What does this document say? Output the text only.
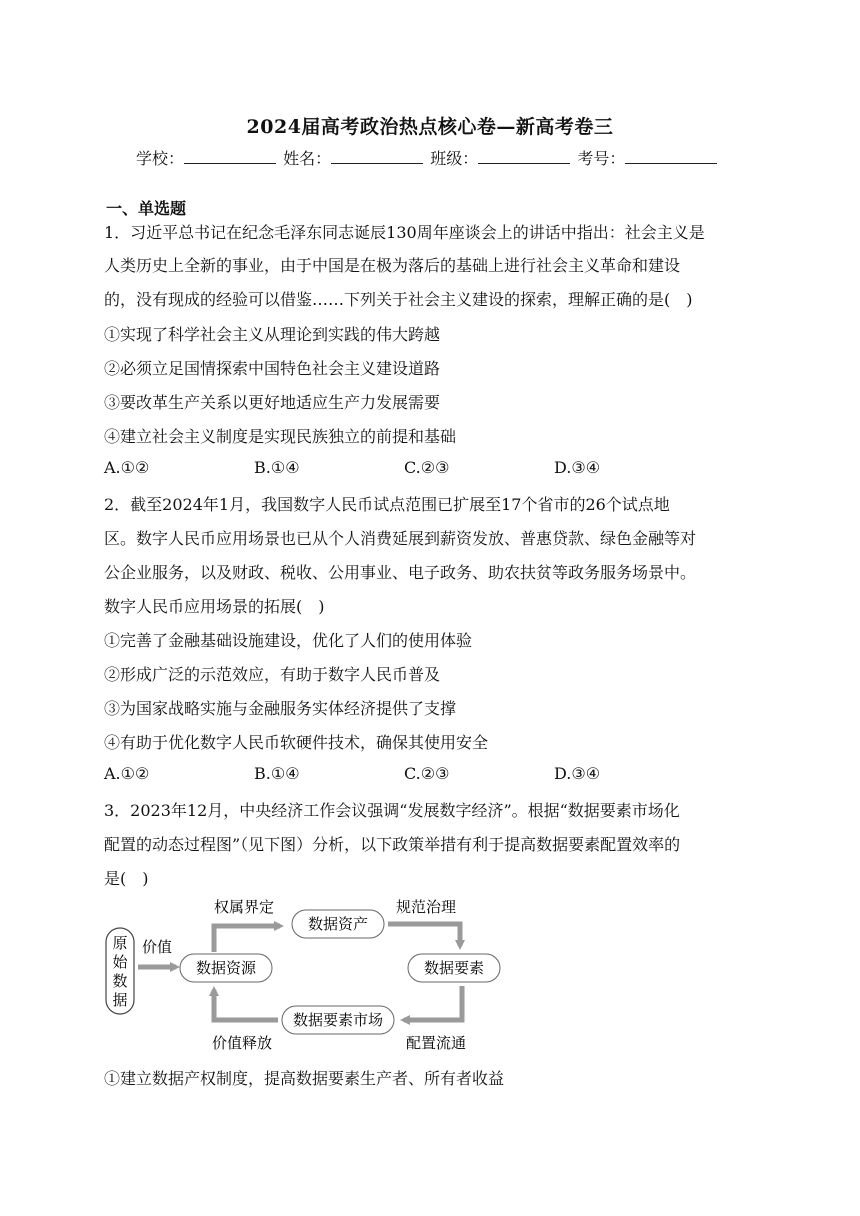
2024届高考政治热点核心卷—新高考卷三
学校：	姓名：	班级：	考号：
一、单选题
1．习近平总书记在纪念毛泽东同志诞辰130周年座谈会上的讲话中指出：社会主义是
人类历史上全新的事业，由于中国是在极为落后的基础上进行社会主义革命和建设
的，没有现成的经验可以借鉴……下列关于社会主义建设的探索，理解正确的是(　)
①实现了科学社会主义从理论到实践的伟大跨越
②必须立足国情探索中国特色社会主义建设道路
③要改革生产关系以更好地适应生产力发展需要
④建立社会主义制度是实现民族独立的前提和基础
A.①②	B.①④	C.②③	D.③④
2．截至2024年1月，我国数字人民币试点范围已扩展至17个省市的26个试点地
区。数字人民币应用场景也已从个人消费延展到薪资发放、普惠贷款、绿色金融等对
公企业服务，以及财政、税收、公用事业、电子政务、助农扶贫等政务服务场景中。
数字人民币应用场景的拓展(　)
①完善了金融基础设施建设，优化了人们的使用体验
②形成广泛的示范效应，有助于数字人民币普及
③为国家战略实施与金融服务实体经济提供了支撑
④有助于优化数字人民币软硬件技术，确保其使用安全
A.①②	B.①④	C.②③	D.③④
3．2023年12月，中央经济工作会议强调“发展数字经济”。根据“数据要素市场化
配置的动态过程图”（见下图）分析，以下政策举措有利于提高数据要素配置效率的
是(　)
原
始
数
据
价值
数据资源
权属界定
数据资产
规范治理
数据要素
配置流通
数据要素市场
价值释放
①建立数据产权制度，提高数据要素生产者、所有者收益
